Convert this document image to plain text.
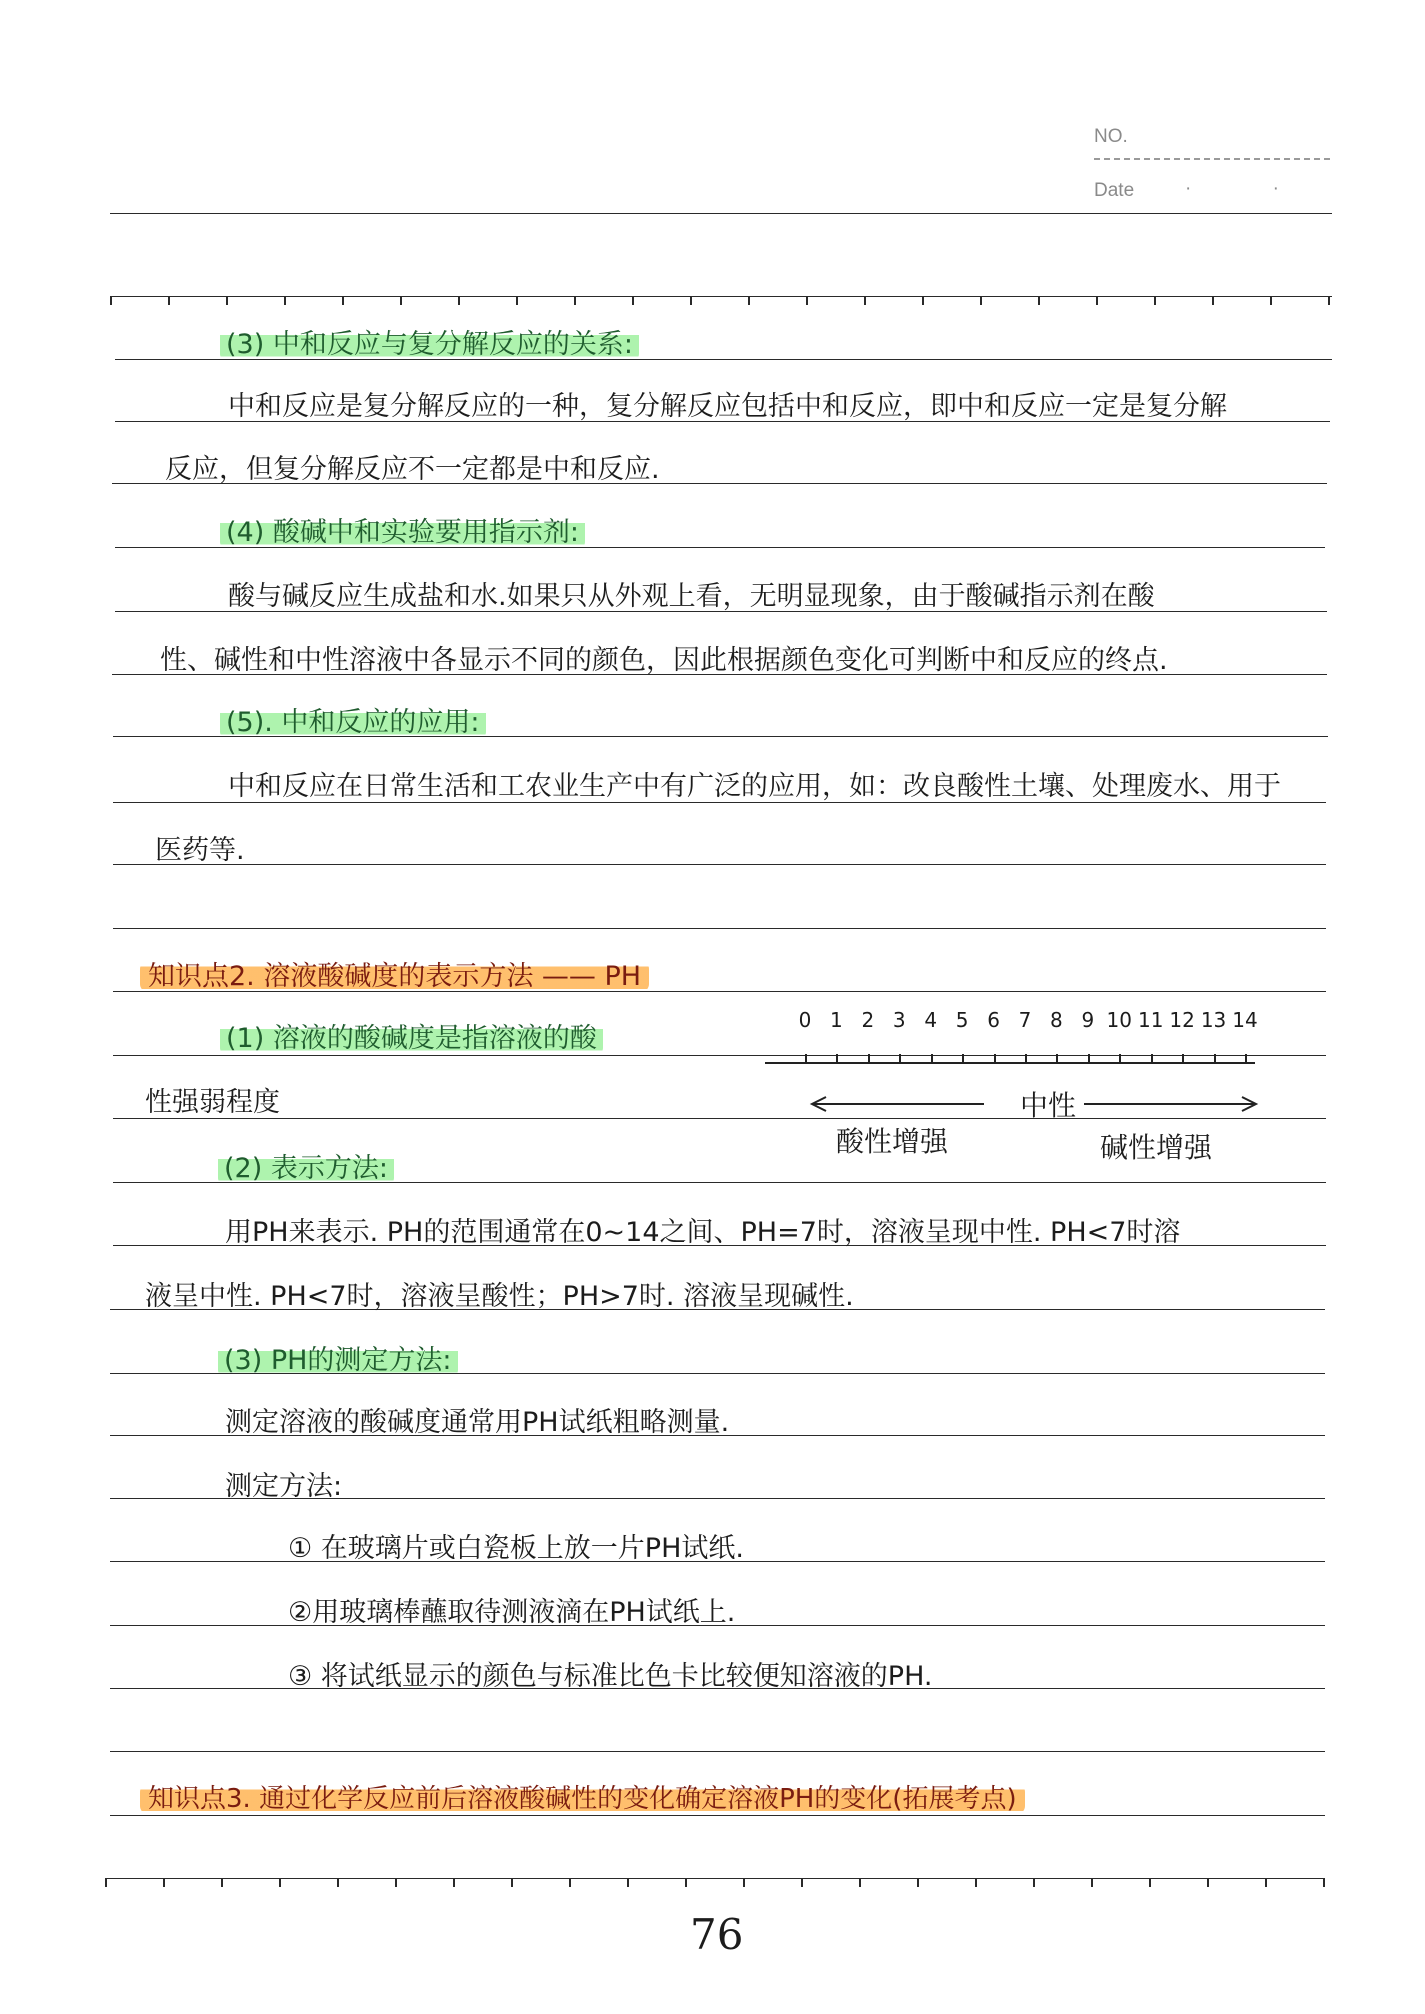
NO.
Date	· ·
(3) 中和反应与复分解反应的关系:
中和反应是复分解反应的一种，复分解反应包括中和反应，即中和反应一定是复分解
反应，但复分解反应不一定都是中和反应.
(4) 酸碱中和实验要用指示剂:
酸与碱反应生成盐和水.如果只从外观上看，无明显现象，由于酸碱指示剂在酸
性、碱性和中性溶液中各显示不同的颜色，因此根据颜色变化可判断中和反应的终点.
(5). 中和反应的应用:
中和反应在日常生活和工农业生产中有广泛的应用，如：改良酸性土壤、处理废水、用于
医药等.
知识点2. 溶液酸碱度的表示方法 —— PH
(1) 溶液的酸碱度是指溶液的酸
性强弱程度
0 1 2 3 4 5 6 7 8 9 10 11 12 13 14
中性
酸性增强	碱性增强
(2) 表示方法:
用PH来表示. PH的范围通常在0~14之间、PH=7时，溶液呈现中性. PH<7时溶
液呈中性. PH<7时，溶液呈酸性；PH>7时. 溶液呈现碱性.
(3) PH的测定方法:
测定溶液的酸碱度通常用PH试纸粗略测量.
测定方法:
① 在玻璃片或白瓷板上放一片PH试纸.
②用玻璃棒蘸取待测液滴在PH试纸上.
③ 将试纸显示的颜色与标准比色卡比较便知溶液的PH.
知识点3. 通过化学反应前后溶液酸碱性的变化确定溶液PH的变化(拓展考点)
76
